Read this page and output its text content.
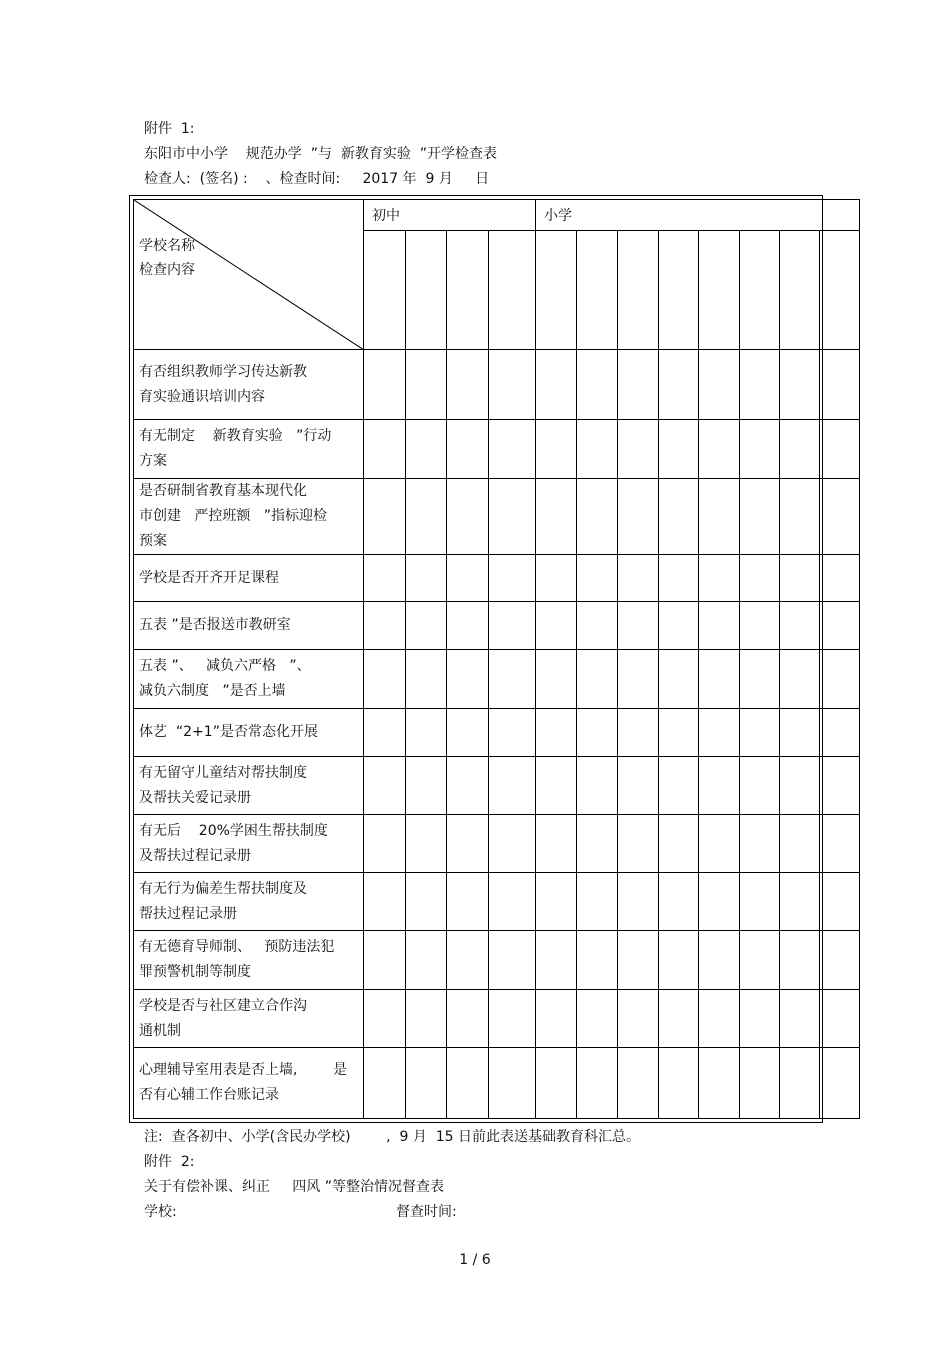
附件  1:
东阳市中小学    规范办学  ”与  新教育实验  ”开学检查表
检查人:  (签名) :    、检查时间:     2017 年  9 月     日
学校名称
检查内容	初中				小学							

有否组织教师学习传达新教
育实验通识培训内容												

有无制定    新教育实验   ”行动
方案												

是否研制省教育基本现代化
市创建   严控班额   ”指标迎检
预案												

学校是否开齐开足课程												

五表 ”是否报送市教研室												

五表 ”、   减负六严格   ”、
减负六制度   ”是否上墙												

体艺  “2+1”是否常态化开展												

有无留守儿童结对帮扶制度
及帮扶关爱记录册												

有无后    20%学困生帮扶制度
及帮扶过程记录册												

有无行为偏差生帮扶制度及
帮扶过程记录册												

有无德育导师制、   预防违法犯
罪预警机制等制度												

学校是否与社区建立合作沟
通机制												

心理辅导室用表是否上墙,        是
否有心辅工作台账记录												

注:  查各初中、小学(含民办学校)        ,  9 月  15 日前此表送基础教育科汇总。
附件  2:
关于有偿补课、纠正     四风 ”等整治情况督查表
学校:	督查时间:
1 / 6
